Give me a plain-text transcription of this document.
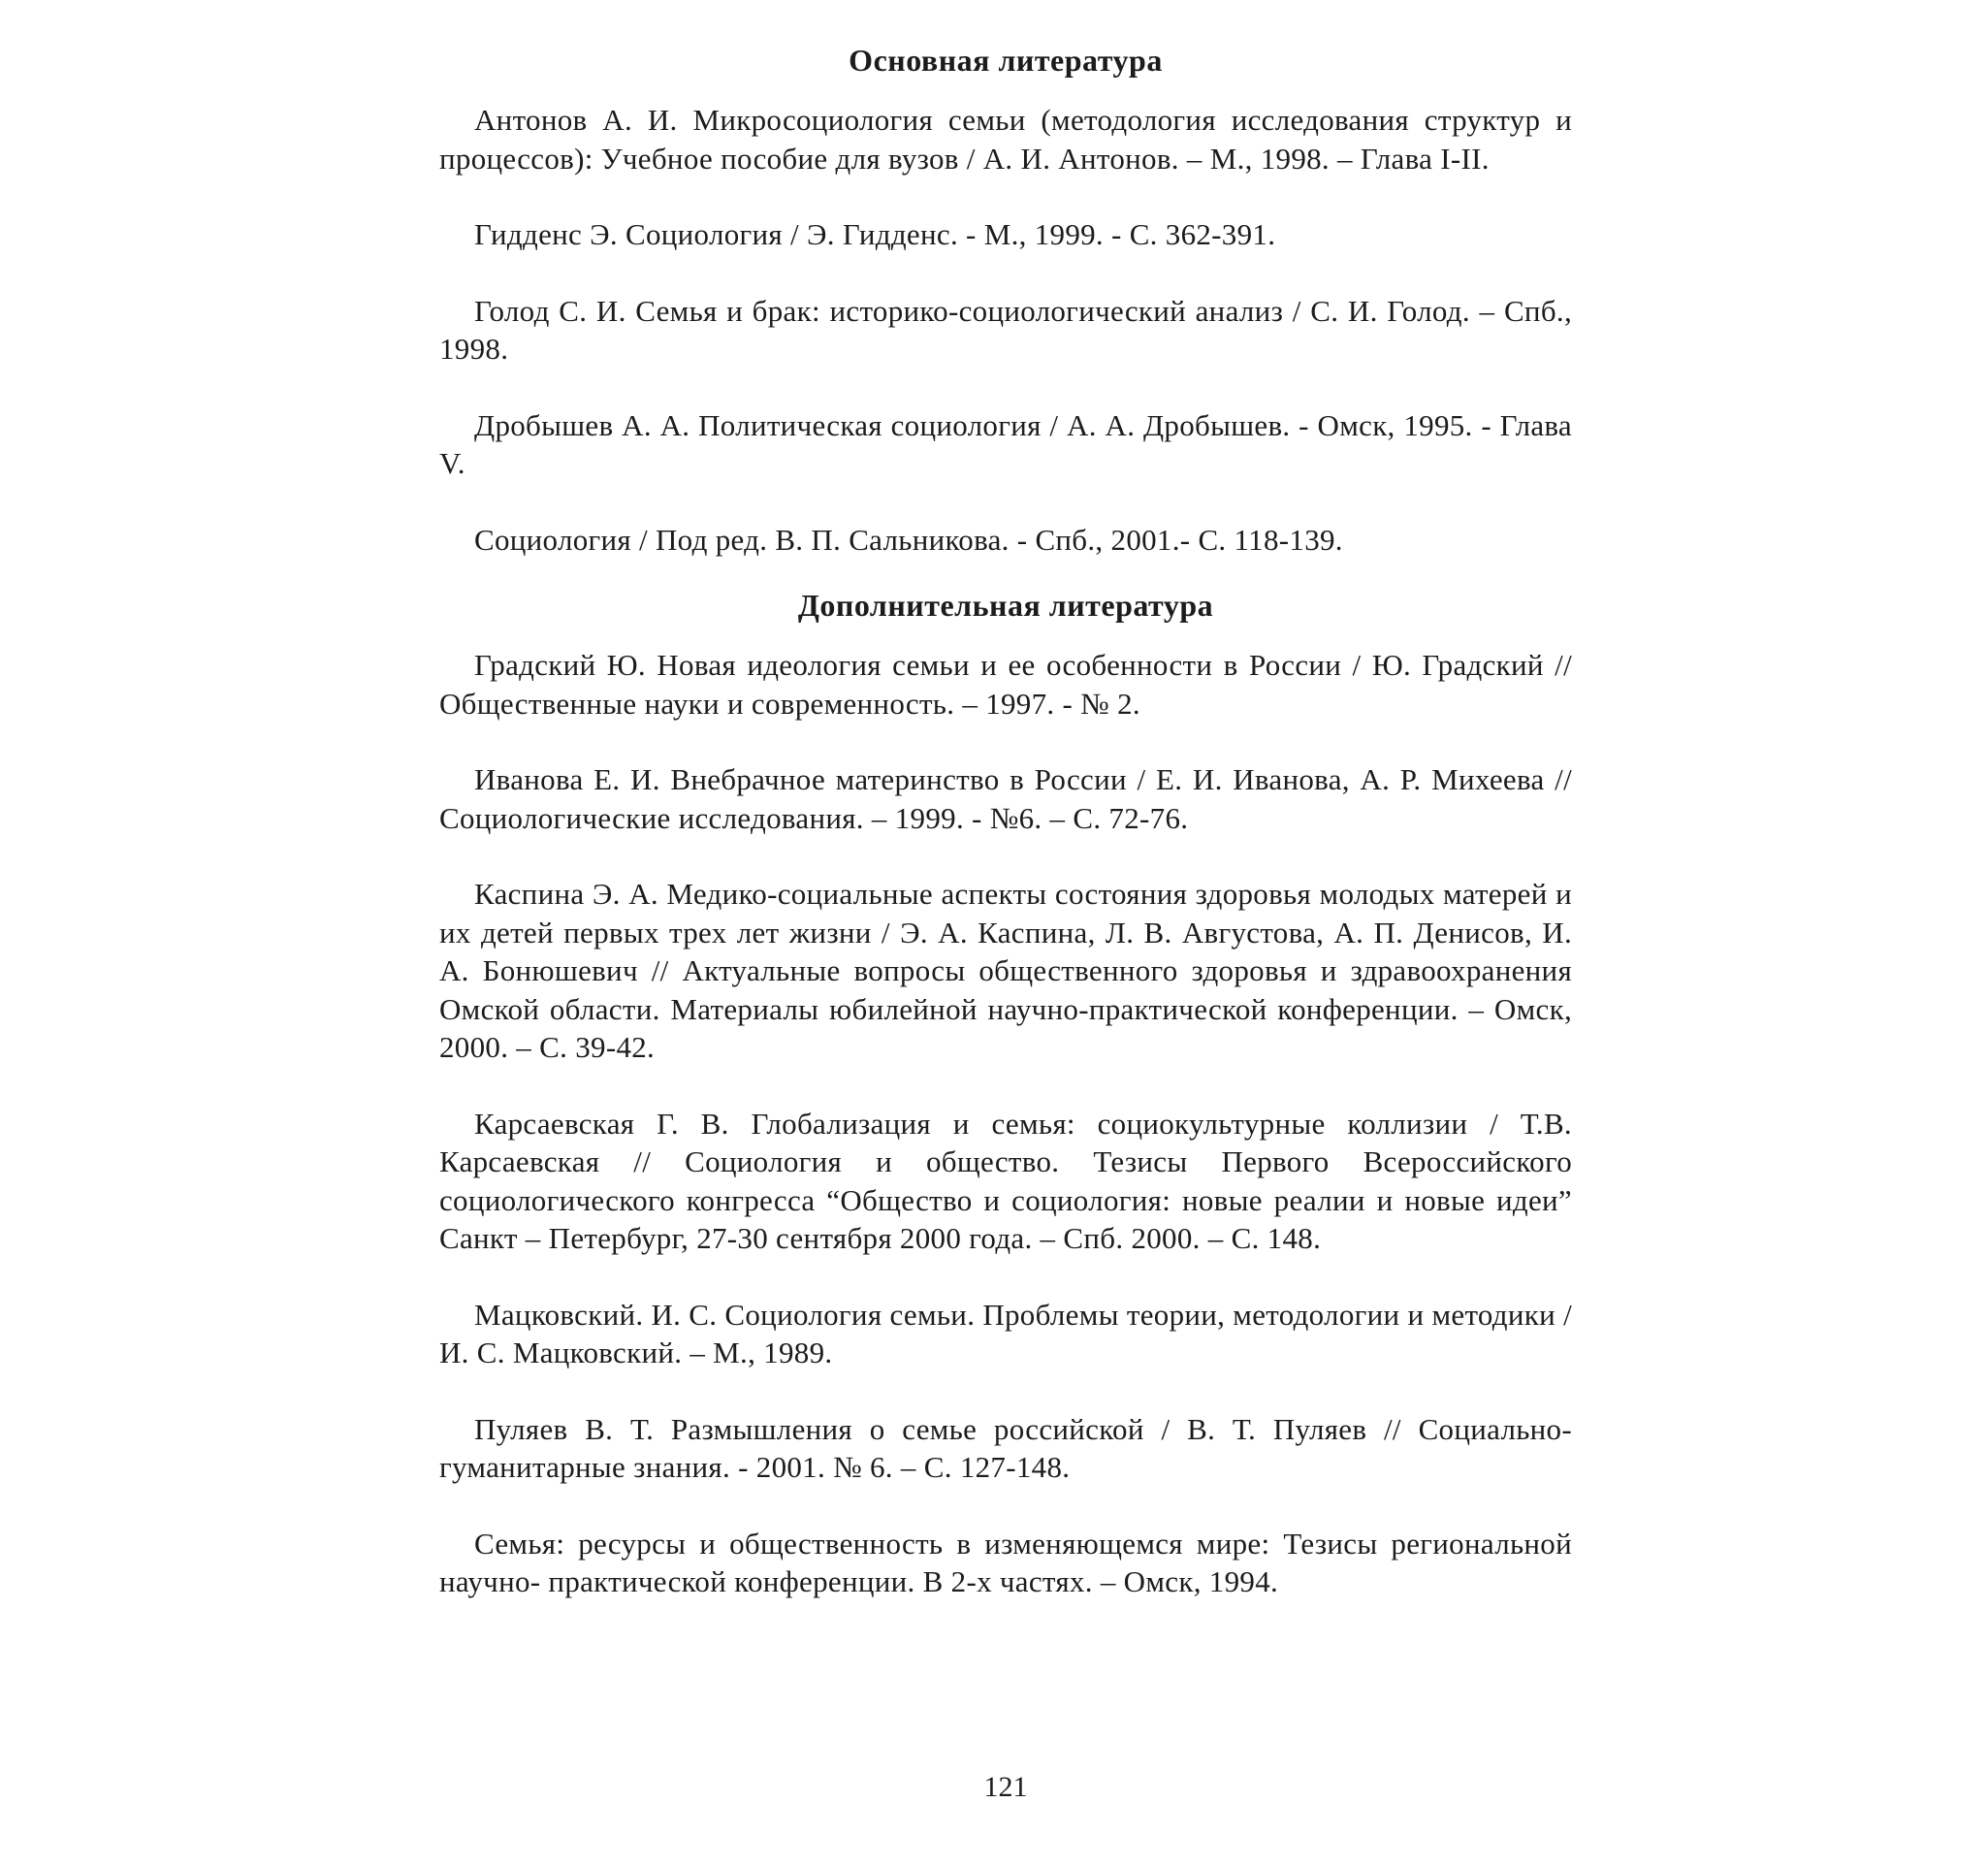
Основная литература
Антонов А. И. Микросоциология семьи (методология исследования структур и процессов): Учебное пособие для вузов / А. И. Антонов. – М., 1998. – Глава I-II.
Гидденс Э. Социология / Э. Гидденс. - М., 1999. - С. 362-391.
Голод С. И. Семья и брак: историко-социологический анализ / С. И. Голод. – Спб., 1998.
Дробышев А. А. Политическая социология / А. А. Дробышев. - Омск, 1995. - Глава V.
Социология / Под ред. В. П. Сальникова. - Спб., 2001.- С. 118-139.
Дополнительная литература
Градский Ю. Новая идеология семьи и ее особенности в России / Ю. Градский // Общественные науки и современность. – 1997. - № 2.
Иванова Е. И. Внебрачное материнство в России / Е. И. Иванова, А. Р. Михеева // Социологические исследования. – 1999. - №6. – С. 72-76.
Каспина Э. А. Медико-социальные аспекты состояния здоровья молодых матерей и их детей первых трех лет жизни / Э. А. Каспина, Л. В. Августова, А. П. Денисов, И. А. Бонюшевич // Актуальные вопросы общественного здоровья и здравоохранения Омской области. Материалы юбилейной научно-практической конференции. – Омск, 2000. – С. 39-42.
Карсаевская Г. В. Глобализация и семья: социокультурные коллизии / Т.В. Карсаевская // Социология и общество. Тезисы Первого Всероссийского социологического конгресса “Общество и социология: новые реалии и новые идеи” Санкт – Петербург, 27-30 сентября 2000 года. – Спб. 2000. – С. 148.
Мацковский. И. С. Социология семьи. Проблемы теории, методологии и методики / И. С. Мацковский. – М., 1989.
Пуляев В. Т. Размышления о семье российской / В. Т. Пуляев // Социально-гуманитарные знания. - 2001. № 6. – С. 127-148.
Семья: ресурсы и общественность в изменяющемся мире: Тезисы региональной научно- практической конференции. В 2-х частях. – Омск, 1994.
121
